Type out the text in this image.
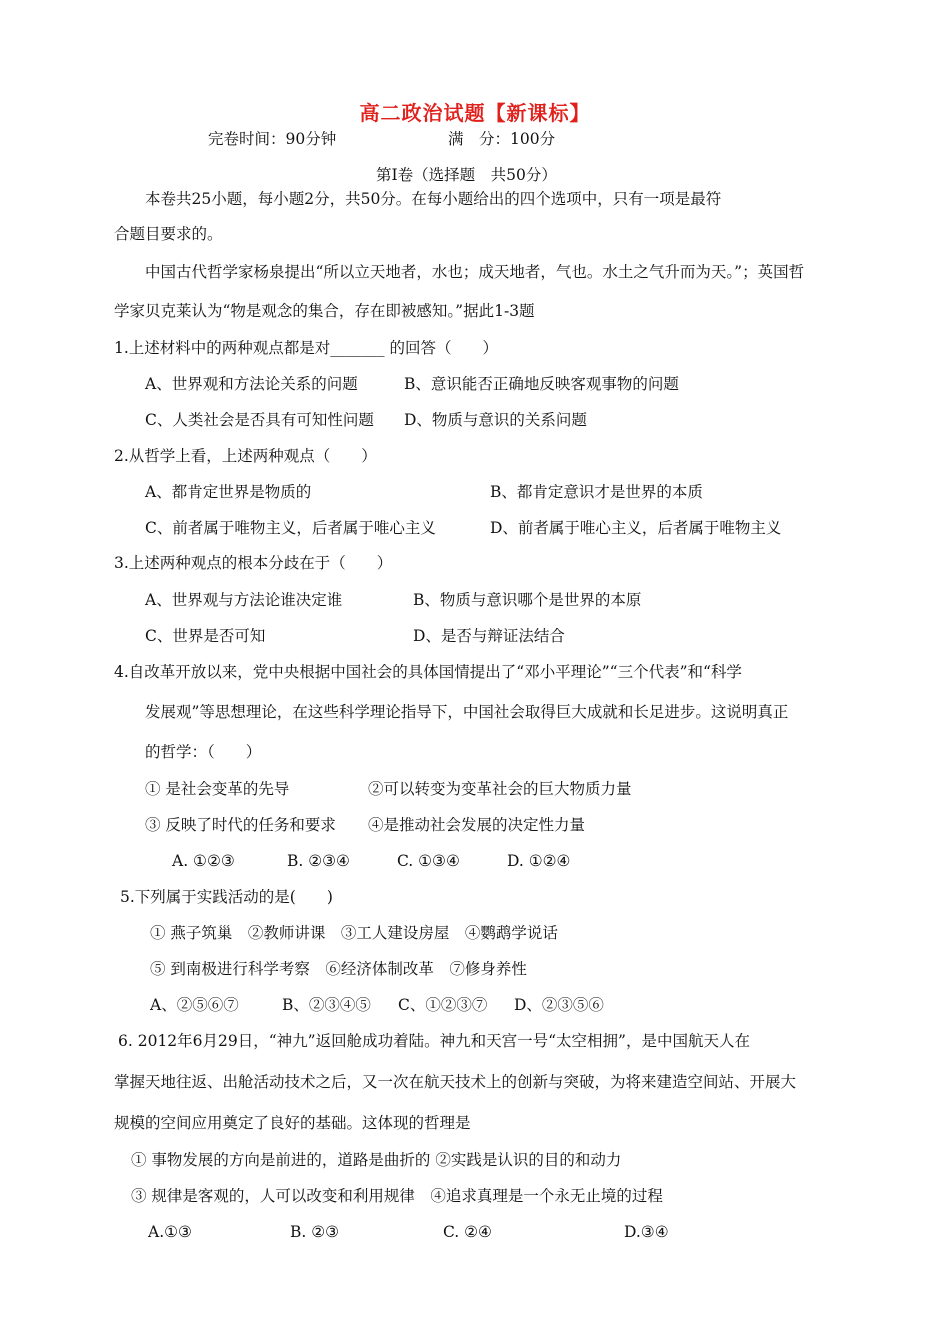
高二政治试题【新课标】
完卷时间：90分钟	满　分：100分
第Ⅰ卷（选择题　共50分）
本卷共25小题，每小题2分，共50分。在每小题给出的四个选项中，只有一项是最符
合题目要求的。
中国古代哲学家杨泉提出“所以立天地者，水也；成天地者，气也。水土之气升而为天。”；英国哲
学家贝克莱认为“物是观念的集合，存在即被感知。”据此1-3题
1.上述材料中的两种观点都是对_______ 的回答（　　）
A、世界观和方法论关系的问题	B、意识能否正确地反映客观事物的问题
C、人类社会是否具有可知性问题 D、物质与意识的关系问题
2.从哲学上看，上述两种观点（　　）
A、都肯定世界是物质的	B、都肯定意识才是世界的本质
C、前者属于唯物主义，后者属于唯心主义	D、前者属于唯心主义，后者属于唯物主义
3.上述两种观点的根本分歧在于（　　）
A、世界观与方法论谁决定谁	B、物质与意识哪个是世界的本原
C、世界是否可知	D、是否与辩证法结合
4.自改革开放以来，党中央根据中国社会的具体国情提出了“邓小平理论”“三个代表”和“科学
发展观”等思想理论，在这些科学理论指导下，中国社会取得巨大成就和长足进步。这说明真正
的哲学：（　　）
① 是社会变革的先导	②可以转变为变革社会的巨大物质力量
③ 反映了时代的任务和要求 ④是推动社会发展的决定性力量
A. ①②③	B. ②③④	C. ①③④	D. ①②④
5.下列属于实践活动的是(　　)
① 燕子筑巢　②教师讲课　③工人建设房屋　④鹦鹉学说话
⑤ 到南极进行科学考察　⑥经济体制改革　⑦修身养性
A、②⑤⑥⑦	B、②③④⑤ C、①②③⑦ D、②③⑤⑥
6. 2012年6月29日，“神九”返回舱成功着陆。神九和天宫一号“太空相拥”，是中国航天人在
掌握天地往返、出舱活动技术之后，又一次在航天技术上的创新与突破，为将来建造空间站、开展大
规模的空间应用奠定了良好的基础。这体现的哲理是
① 事物发展的方向是前进的，道路是曲折的 ②实践是认识的目的和动力
③ 规律是客观的，人可以改变和利用规律　④追求真理是一个永无止境的过程
A.①③	B. ②③	C. ②④	D.③④
